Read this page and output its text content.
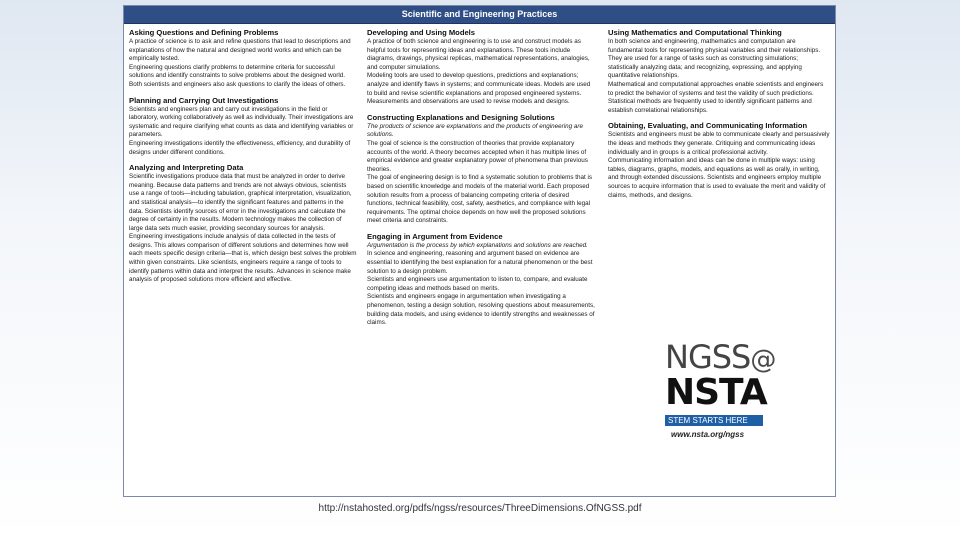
Scientific and Engineering Practices
Asking Questions and Defining Problems

A practice of science is to ask and refine questions that lead to descriptions and explanations of how the natural and designed world works and which can be empirically tested.

Engineering questions clarify problems to determine criteria for successful solutions and identify constraints to solve problems about the designed world.

Both scientists and engineers also ask questions to clarify the ideas of others.

Planning and Carrying Out Investigations

Scientists and engineers plan and carry out investigations in the field or laboratory, working collaboratively as well as individually. Their investigations are systematic and require clarifying what counts as data and identifying variables or parameters.

Engineering investigations identify the effectiveness, efficiency, and durability of designs under different conditions.

Analyzing and Interpreting Data

Scientific investigations produce data that must be analyzed in order to derive meaning. Because data patterns and trends are not always obvious, scientists use a range of tools—including tabulation, graphical interpretation, visualization, and statistical analysis—to identify the significant features and patterns in the data. Scientists identify sources of error in the investigations and calculate the degree of certainty in the results. Modern technology makes the collection of large data sets much easier, providing secondary sources for analysis.

Engineering investigations include analysis of data collected in the tests of designs. This allows comparison of different solutions and determines how well each meets specific design criteria—that is, which design best solves the problem within given constraints. Like scientists, engineers require a range of tools to identify patterns within data and interpret the results. Advances in science make analysis of proposed solutions more efficient and effective.

Developing and Using Models

A practice of both science and engineering is to use and construct models as helpful tools for representing ideas and explanations. These tools include diagrams, drawings, physical replicas, mathematical representations, analogies, and computer simulations.

Modeling tools are used to develop questions, predictions and explanations; analyze and identify flaws in systems; and communicate ideas. Models are used to build and revise scientific explanations and proposed engineered systems. Measurements and observations are used to revise models and designs.

Constructing Explanations and Designing Solutions

The products of science are explanations and the products of engineering are solutions.

The goal of science is the construction of theories that provide explanatory accounts of the world. A theory becomes accepted when it has multiple lines of empirical evidence and greater explanatory power of phenomena than previous theories.

The goal of engineering design is to find a systematic solution to problems that is based on scientific knowledge and models of the material world. Each proposed solution results from a process of balancing competing criteria of desired functions, technical feasibility, cost, safety, aesthetics, and compliance with legal requirements. The optimal choice depends on how well the proposed solutions meet criteria and constraints.

Engaging in Argument from Evidence

Argumentation is the process by which explanations and solutions are reached.

In science and engineering, reasoning and argument based on evidence are essential to identifying the best explanation for a natural phenomenon or the best solution to a design problem.

Scientists and engineers use argumentation to listen to, compare, and evaluate competing ideas and methods based on merits.

Scientists and engineers engage in argumentation when investigating a phenomenon, testing a design solution, resolving questions about measurements, building data models, and using evidence to identify strengths and weaknesses of claims.

Using Mathematics and Computational Thinking

In both science and engineering, mathematics and computation are fundamental tools for representing physical variables and their relationships. They are used for a range of tasks such as constructing simulations; statistically analyzing data; and recognizing, expressing, and applying quantitative relationships.

Mathematical and computational approaches enable scientists and engineers to predict the behavior of systems and test the validity of such predictions. Statistical methods are frequently used to identify significant patterns and establish correlational relationships.

Obtaining, Evaluating, and Communicating Information

Scientists and engineers must be able to communicate clearly and persuasively the ideas and methods they generate. Critiquing and communicating ideas individually and in groups is a critical professional activity.

Communicating information and ideas can be done in multiple ways: using tables, diagrams, graphs, models, and equations as well as orally, in writing, and through extended discussions. Scientists and engineers employ multiple sources to acquire information that is used to evaluate the merit and validity of claims, methods, and designs.

NGSS@
NSTA
STEM STARTS HERE
www.nsta.org/ngss
http://nstahosted.org/pdfs/ngss/resources/ThreeDimensions.OfNGSS.pdf
